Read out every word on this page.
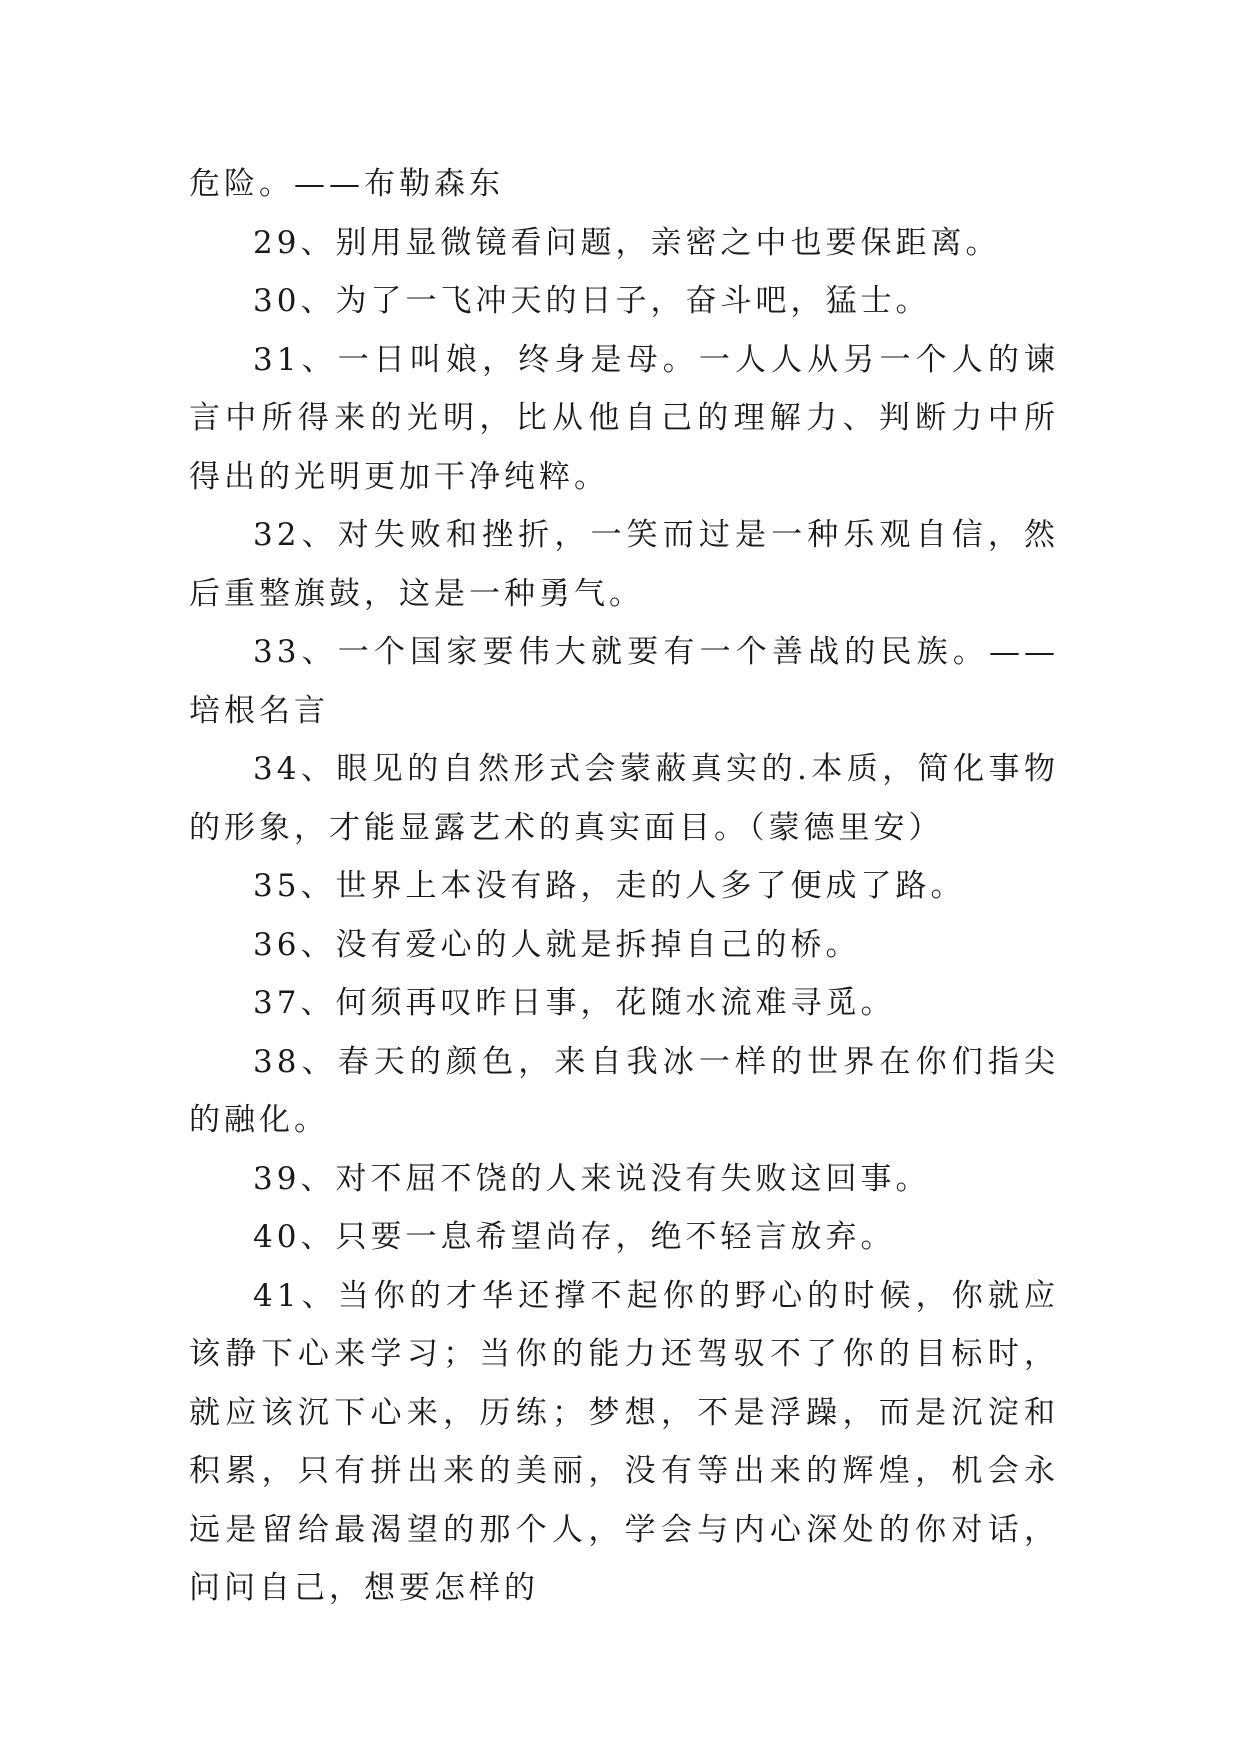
危险。——布勒森东

29、别用显微镜看问题，亲密之中也要保距离。

30、为了一飞冲天的日子，奋斗吧，猛士。

31、一日叫娘，终身是母。一人人从另一个人的谏言中所得来的光明，比从他自己的理解力、判断力中所得出的光明更加干净纯粹。

32、对失败和挫折，一笑而过是一种乐观自信，然后重整旗鼓，这是一种勇气。

33、一个国家要伟大就要有一个善战的民族。——培根名言

34、眼见的自然形式会蒙蔽真实的.本质，简化事物的形象，才能显露艺术的真实面目。（蒙德里安）

35、世界上本没有路，走的人多了便成了路。

36、没有爱心的人就是拆掉自己的桥。

37、何须再叹昨日事，花随水流难寻觅。

38、春天的颜色，来自我冰一样的世界在你们指尖的融化。

39、对不屈不饶的人来说没有失败这回事。

40、只要一息希望尚存，绝不轻言放弃。

41、当你的才华还撑不起你的野心的时候，你就应该静下心来学习；当你的能力还驾驭不了你的目标时，就应该沉下心来，历练；梦想，不是浮躁，而是沉淀和积累，只有拼出来的美丽，没有等出来的辉煌，机会永远是留给最渴望的那个人，学会与内心深处的你对话，问问自己，想要怎样的
